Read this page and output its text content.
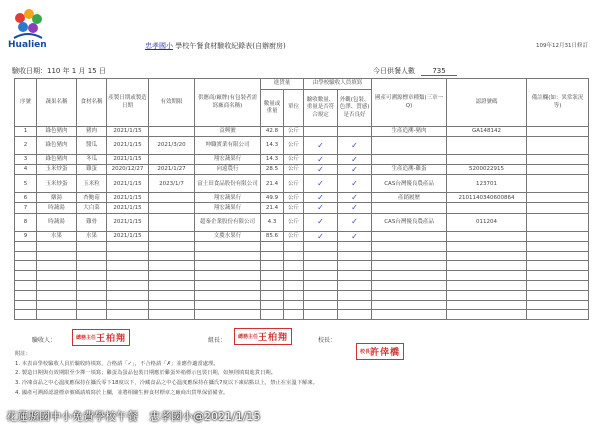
Hualien	忠孝國小 學校午餐食材驗收紀錄表(自辦廚房)	109年12月31日修訂
驗收日期：110 年 1 月 15 日	今日供餐人數 735
序號	蔬果名稱	食材名稱	產製日期或製造日期	有效期限	供應商/廠牌(有包裝者需寫廠商名稱)	進貨量		由學校驗收人員填寫		國產可溯源標章種類(三章一Q)	認證號碼	備註欄(如：異常狀況等)
						數量或重量	單位	驗收數量、重量是否符合規定	外觀(包裝、色澤、質感)是否良好			
1	綠色豬肉	豬肉	2021/1/15		益興號	42.8	公斤			生產追溯-豬肉	GA148142	
2	綠色豬肉	醬瓜	2021/1/15	2021/3/20	坤職實業有限公司	14.3	公斤	✓	✓			
3	綠色豬肉	冬瓜	2021/1/15		翔宏蔬果行	14.3	公斤	✓	✓			
4	玉米炒蛋	雞蛋	2020/12/27	2021/1/27	向遠農行	28.5	公斤	✓	✓	生產追溯-雞蛋	5200022915	
5	玉米炒蛋	玉米粒	2021/1/15	2023/1/7	富士田食品股份有限公司	21.4	公斤	✓	✓	CAS台灣優良農產品	123701	
6	燉湯	杏鮑菇	2021/1/15		翔宏蔬果行	49.9	公斤	✓	✓	產銷履歷	2101140340600864	
7	時蔬湯	大白菜	2021/1/15		翔宏蔬果行	21.4	公斤	✓	✓			
8	時蔬湯	雞骨	2021/1/15		超秦企業股份有限公司	4.3	公斤	✓	✓	CAS台灣優良農產品	011204	
9	水果	水果	2021/1/15		文慶水果行	85.6	公斤	✓	✓			

驗收人：	總務主任王柏翔	組長：	總務主任王柏翔	校長：
校長許倖橋
附註：
1. 本表由學校驗收人員於驗收時填寫，合格請「✓」，不合格請「✗」並應作適當處理。
2. 製造日期與有效期限至少擇一填寫；雞蛋為蛋品包裝日期應於雞蛋外箱標示包裝日期，如無則填寫進貨日期。
3. 冷凍食品之中心溫度應保持在攝氏零下18度以下，冷藏食品之中心溫度應保持在攝氏7度以下凍結點以上，禁止在室溫下解凍。
4. 國產可溯源認證標章號碼請填寫於上欄，並將相關生鮮食材標章之廠商出貨單保留備查。
花蓮縣國中小免費學校午餐　忠孝國小@2021/1/15
